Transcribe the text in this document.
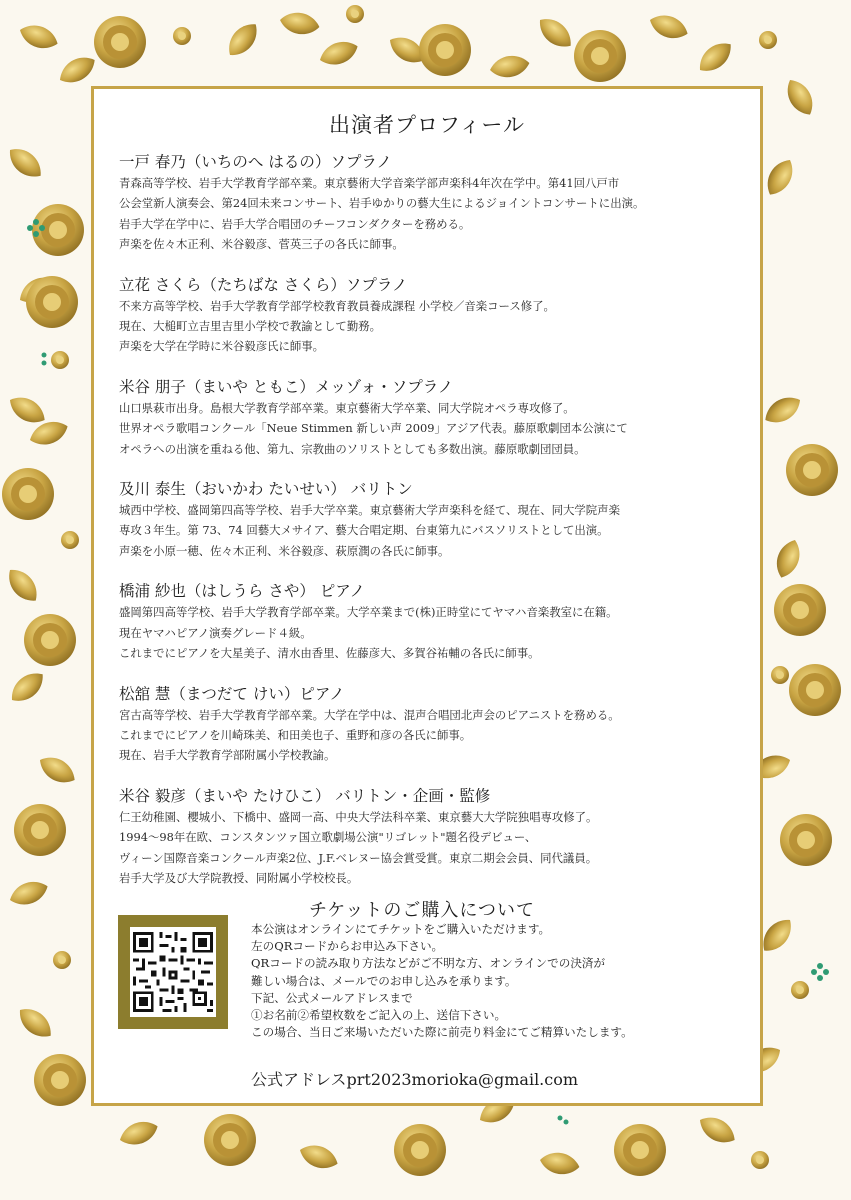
出演者プロフィール
一戸 春乃（いちのへ はるの）ソプラノ
青森高等学校、岩手大学教育学部卒業。東京藝術大学音楽学部声楽科4年次在学中。第41回八戸市
公会堂新人演奏会、第24回未来コンサート、岩手ゆかりの藝大生によるジョイントコンサートに出演。
岩手大学在学中に、岩手大学合唱団のチーフコンダクターを務める。
声楽を佐々木正利、米谷毅彦、菅英三子の各氏に師事。
立花 さくら（たちばな さくら）ソプラノ
不来方高等学校、岩手大学教育学部学校教育教員養成課程 小学校／音楽コース修了。
現在、大槌町立吉里吉里小学校で教諭として勤務。
声楽を大学在学時に米谷毅彦氏に師事。
米谷 朋子（まいや ともこ）メッゾォ・ソプラノ
山口県萩市出身。島根大学教育学部卒業。東京藝術大学卒業、同大学院オペラ専攻修了。
世界オペラ歌唱コンクール「Neue Stimmen 新しい声 2009」アジア代表。藤原歌劇団本公演にて
オペラへの出演を重ねる他、第九、宗教曲のソリストとしても多数出演。藤原歌劇団団員。
及川 泰生（おいかわ たいせい） バリトン
城西中学校、盛岡第四高等学校、岩手大学卒業。東京藝術大学声楽科を経て、現在、同大学院声楽
専攻３年生。第 73、74 回藝大メサイア、藝大合唱定期、台東第九にバスソリストとして出演。
声楽を小原一穂、佐々木正利、米谷毅彦、萩原潤の各氏に師事。
橋浦 紗也（はしうら さや） ピアノ
盛岡第四高等学校、岩手大学教育学部卒業。大学卒業まで(株)正時堂にてヤマハ音楽教室に在籍。
現在ヤマハピアノ演奏グレード４級。
これまでにピアノを大星美子、清水由香里、佐藤彦大、多賀谷祐輔の各氏に師事。
松舘 慧（まつだて けい）ピアノ
宮古高等学校、岩手大学教育学部卒業。大学在学中は、混声合唱団北声会のピアニストを務める。
これまでにピアノを川崎珠美、和田美也子、重野和彦の各氏に師事。
現在、岩手大学教育学部附属小学校教諭。
米谷 毅彦（まいや たけひこ） バリトン・企画・監修
仁王幼稚園、櫻城小、下橋中、盛岡一高、中央大学法科卒業、東京藝大大学院独唱専攻修了。
1994〜98年在欧、コンスタンツァ国立歌劇場公演"リゴレット"題名役デビュー、
ヴィーン国際音楽コンクール声楽2位、J.F.ベレヌー協会賞受賞。東京二期会会員、同代議員。
岩手大学及び大学院教授、同附属小学校校長。
チケットのご購入について
本公演はオンラインにてチケットをご購入いただけます。
左のQRコードからお申込み下さい。
QRコードの読み取り方法などがご不明な方、オンラインでの決済が
難しい場合は、メールでのお申し込みを承ります。
下記、公式メールアドレスまで
①お名前②希望枚数をご記入の上、送信下さい。
この場合、当日ご来場いただいた際に前売り料金にてご精算いたします。
公式アドレスprt2023morioka@gmail.com
